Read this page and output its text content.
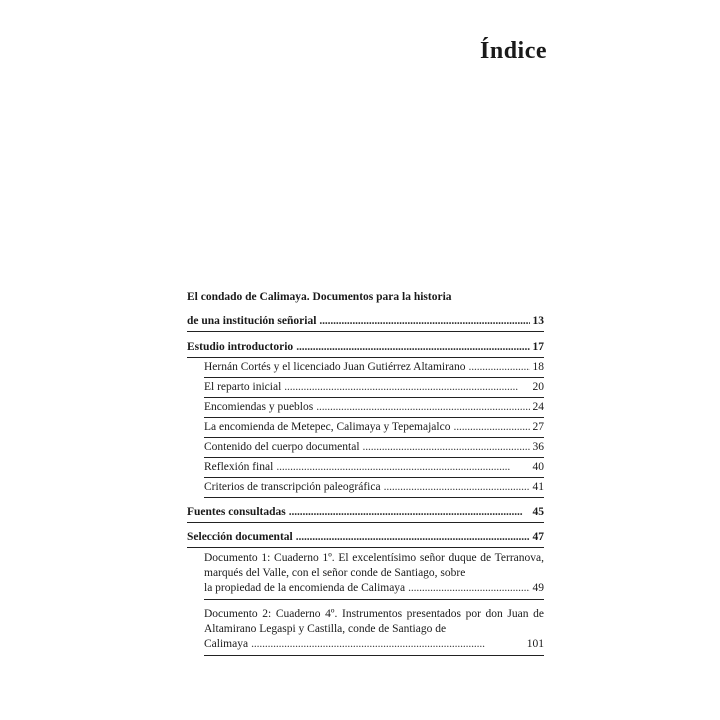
Índice
El condado de Calimaya. Documentos para la historia
de una institución señorial . . .	13
Estudio introductorio . . .	17
Hernán Cortés y el licenciado Juan Gutiérrez Altamirano . . .	18
El reparto inicial . . .	20
Encomiendas y pueblos . . .	24
La encomienda de Metepec, Calimaya y Tepemajalco . . .	27
Contenido del cuerpo documental . . .	36
Reflexión final . . .	40
Criterios de transcripción paleográfica . . .	41
Fuentes consultadas . . .	45
Selección documental . . .	47
Documento 1: Cuaderno 1º. El excelentísimo señor duque de Terranova, marqués del Valle, con el señor conde de Santiago, sobre
la propiedad de la encomienda de Calimaya . . .	49
Documento 2: Cuaderno 4º. Instrumentos presentados por don Juan de Altamirano Legaspi y Castilla, conde de Santiago de
Calimaya . . .	101
